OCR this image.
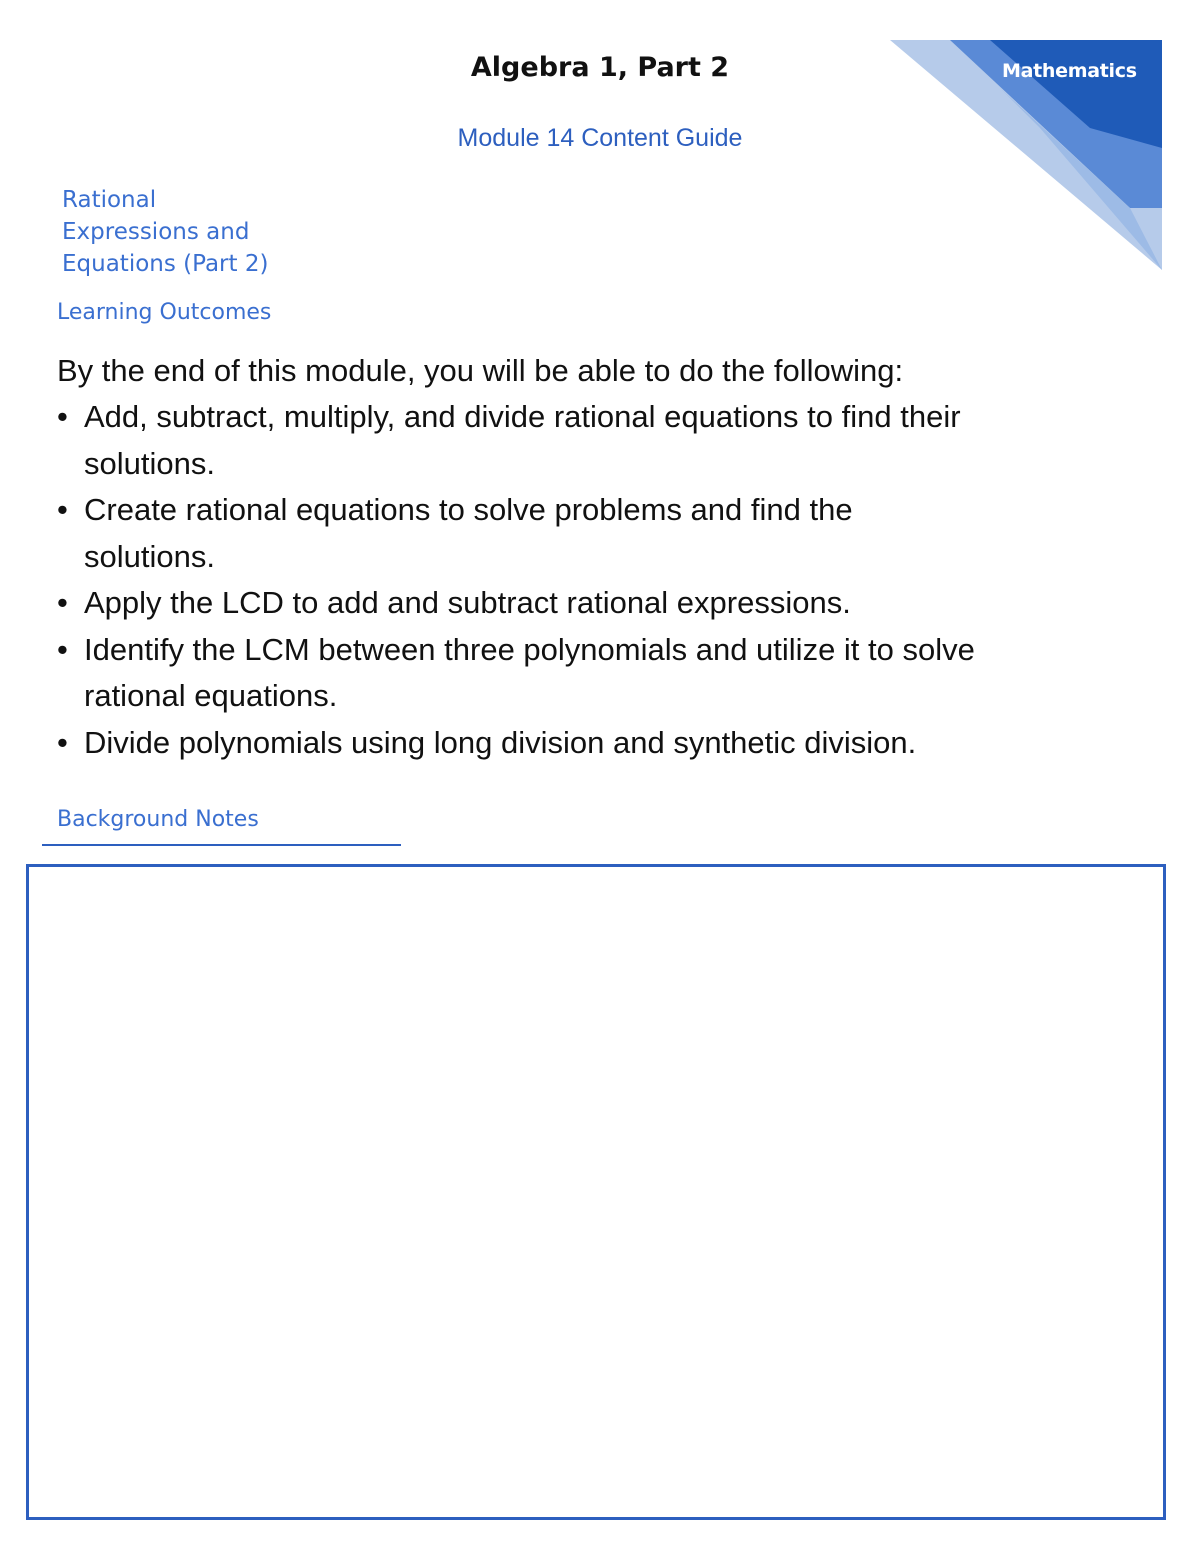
Mathematics
Algebra 1, Part 2
Module 14 Content Guide
Rational
Expressions and
Equations (Part 2)
Learning Outcomes
By the end of this module, you will be able to do the following:
• Add, subtract, multiply, and divide rational equations to find their
solutions.
• Create rational equations to solve problems and find the
solutions.
• Apply the LCD to add and subtract rational expressions.
• Identify the LCM between three polynomials and utilize it to solve
rational equations.
• Divide polynomials using long division and synthetic division.
Background Notes
